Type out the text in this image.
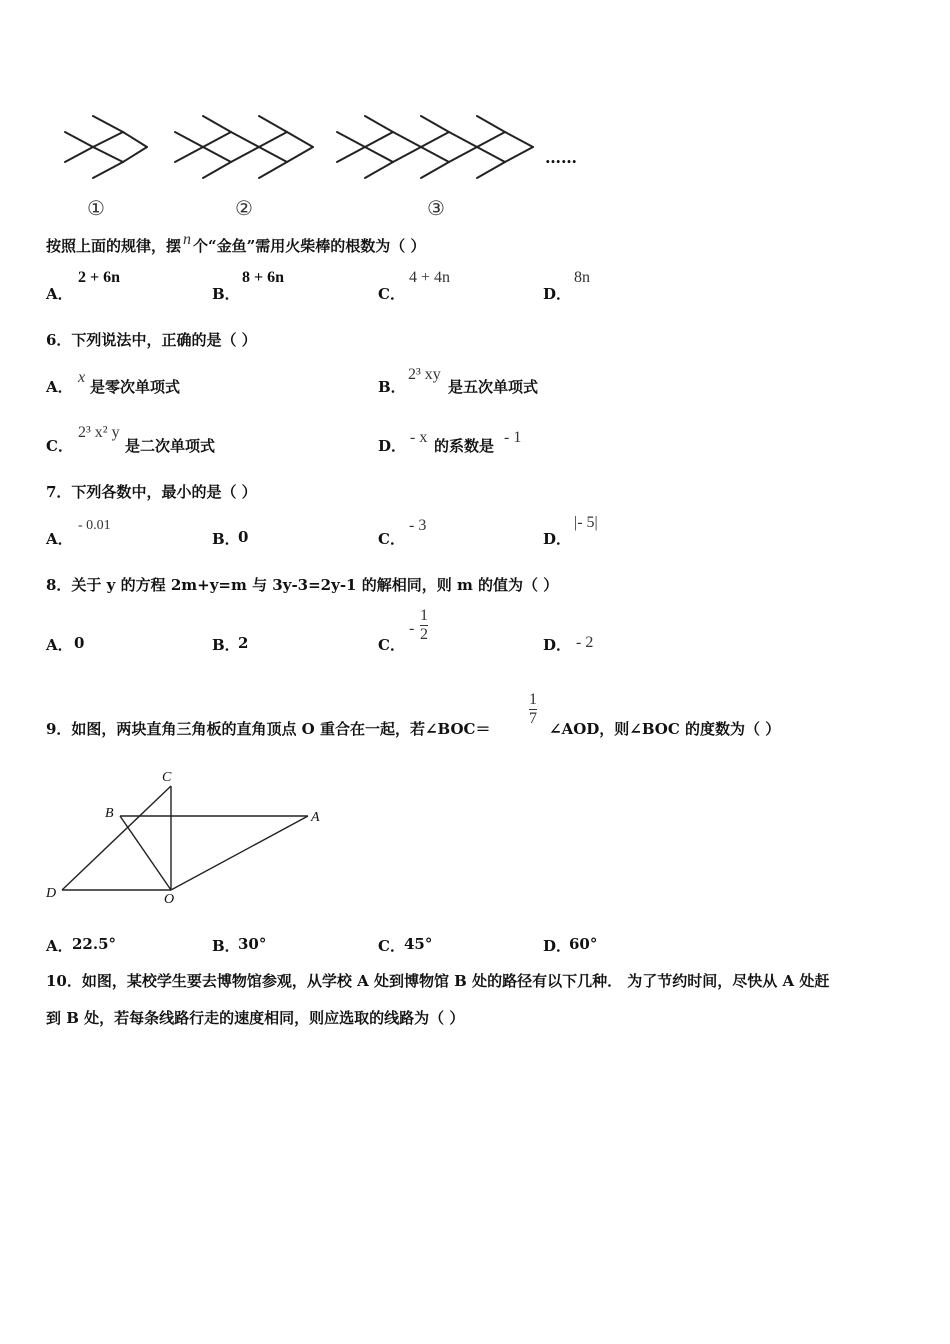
……
①	②	③
按照上面的规律，摆 n 个“金鱼”需用火柴棒的根数为（ ）
A．
2 + 6n
B．
8 + 6n
C．
4 + 4n
D．
8n
6．下列说法中，正确的是（ ）
A．
x
是零次单项式	B．
2³ xy
是五次单项式
C．
2³ x² y
是二次单项式	D． - x 的系数是 - 1
7．下列各数中，最小的是（ ）
A．
- 0.01
B．
0	C．
- 3
D．
|- 5|
8．关于 y 的方程 2m+y=m 与 3y-3=2y-1 的解相同，则 m 的值为（ ）
A． 0	B．
2	C．
- $\frac{1}{2}$
D． - 2
9．如图，两块直角三角板的直角顶点 O 重合在一起，若∠BOC＝
$\frac{1}{7}$
∠AOD，则∠BOC 的度数为（ ）
C
B	A
D	O
A． 22.5°	B．
30°	C． 45°	D．
60°
10．如图，某校学生要去博物馆参观，从学校 A 处到博物馆 B 处的路径有以下几种． 为了节约时间，尽快从 A 处赶
到 B 处，若每条线路行走的速度相同，则应选取的线路为（ ）
